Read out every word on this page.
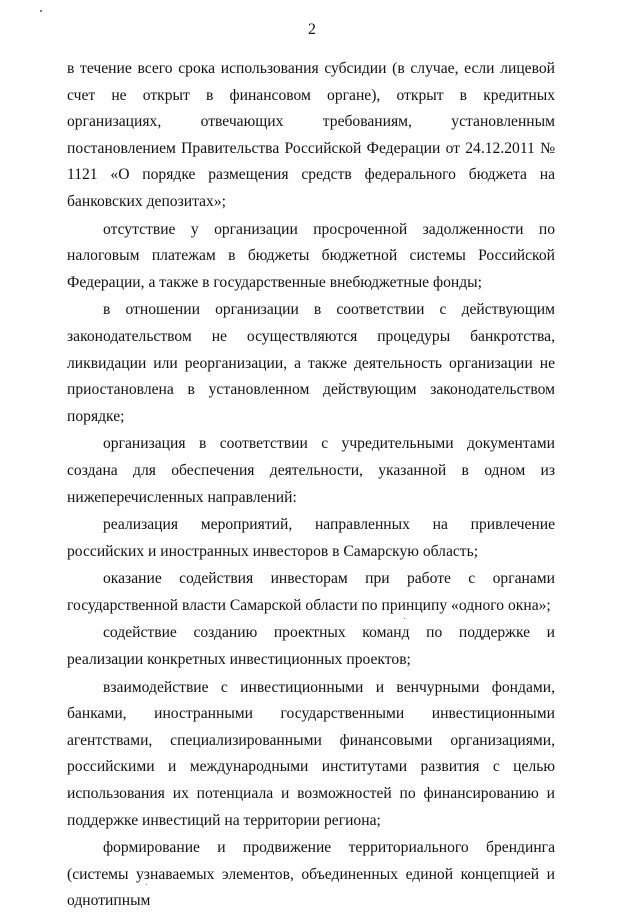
2

в течение всего срока использования субсидии (в случае, если лицевой счет не открыт в финансовом органе), открыт в кредитных организациях, отвечающих требованиям, установленным постановлением Правительства Российской Федерации от 24.12.2011 № 1121 «О порядке размещения средств федерального бюджета на банковских депозитах»;

отсутствие у организации просроченной задолженности по налоговым платежам в бюджеты бюджетной системы Российской Федерации, а также в государственные внебюджетные фонды;

в отношении организации в соответствии с действующим законодательством не осуществляются процедуры банкротства, ликвидации или реорганизации, а также деятельность организации не приостановлена в установленном действующим законодательством порядке;

организация в соответствии с учредительными документами создана для обеспечения деятельности, указанной в одном из нижеперечисленных направлений:

реализация мероприятий, направленных на привлечение российских и иностранных инвесторов в Самарскую область;

оказание содействия инвесторам при работе с органами государственной власти Самарской области по принципу «одного окна»;

содействие созданию проектных команд по поддержке и реализации конкретных инвестиционных проектов;

взаимодействие с инвестиционными и венчурными фондами, банками, иностранными государственными инвестиционными агентствами, специализированными финансовыми организациями, российскими и международными институтами развития с целью использования их потенциала и возможностей по финансированию и поддержке инвестиций на территории региона;

формирование и продвижение территориального брендинга (системы узнаваемых элементов, объединенных единой концепцией и однотипным
